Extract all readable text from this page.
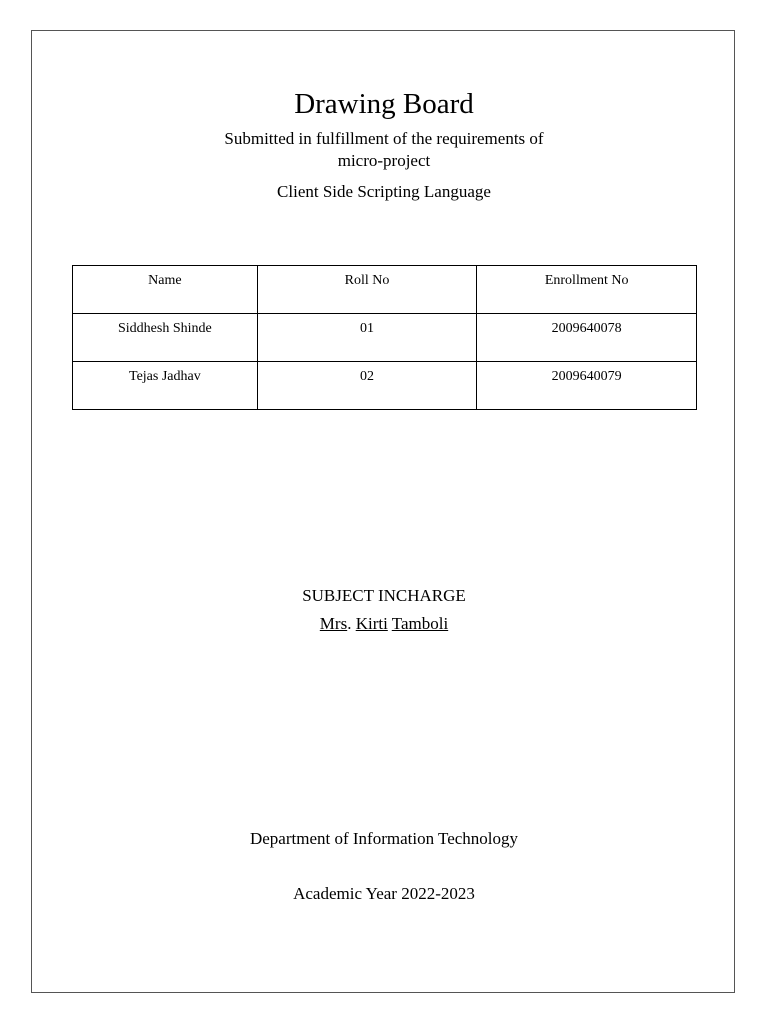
Drawing Board
Submitted in fulfillment of the requirements of
micro-project
Client Side Scripting Language
Name	Roll No	Enrollment No
Siddhesh Shinde	01	2009640078
Tejas Jadhav	02	2009640079
SUBJECT INCHARGE
Mrs. Kirti Tamboli
Department of Information Technology
Academic Year 2022-2023
